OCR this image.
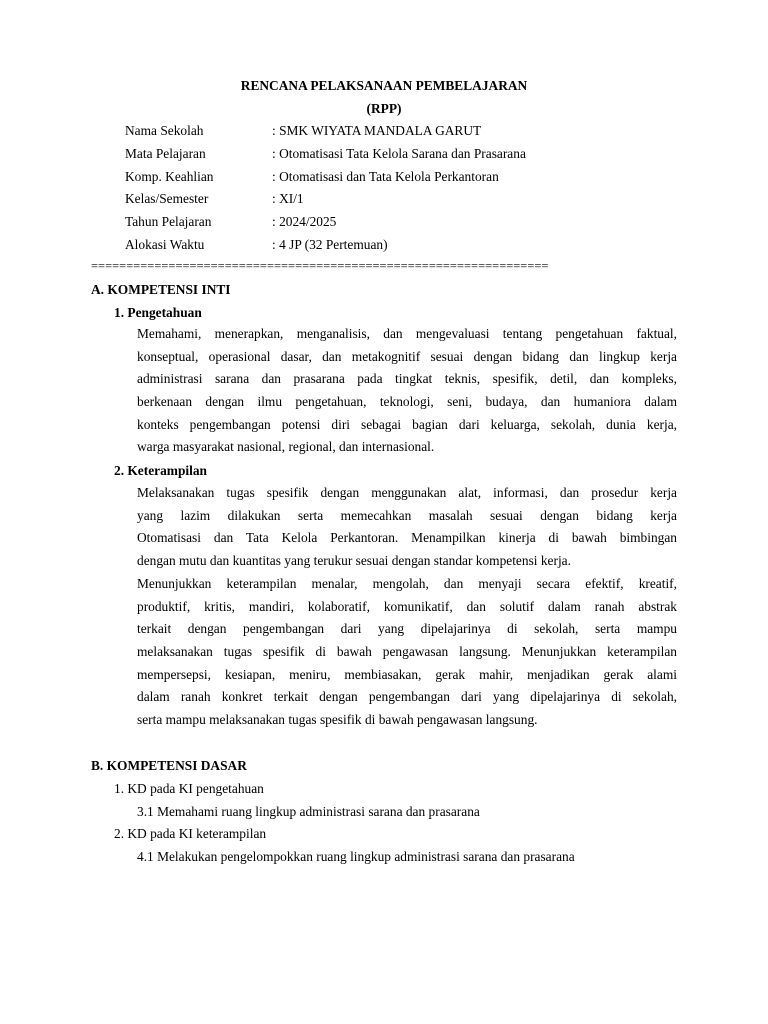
RENCANA PELAKSANAAN PEMBELAJARAN
(RPP)
Nama Sekolah	: SMK WIYATA MANDALA GARUT
Mata Pelajaran	: Otomatisasi Tata Kelola Sarana dan Prasarana
Komp. Keahlian	: Otomatisasi dan Tata Kelola Perkantoran
Kelas/Semester	: XI/1
Tahun Pelajaran	: 2024/2025
Alokasi Waktu	: 4 JP (32 Pertemuan)
=================================================================
A. KOMPETENSI INTI
1. Pengetahuan
Memahami, menerapkan, menganalisis, dan mengevaluasi tentang pengetahuan faktual,
konseptual, operasional dasar, dan metakognitif sesuai dengan bidang dan lingkup kerja
administrasi sarana dan prasarana pada tingkat teknis, spesifik, detil, dan kompleks,
berkenaan dengan ilmu pengetahuan, teknologi, seni, budaya, dan humaniora dalam
konteks pengembangan potensi diri sebagai bagian dari keluarga, sekolah, dunia kerja,
warga masyarakat nasional, regional, dan internasional.
2. Keterampilan
Melaksanakan tugas spesifik dengan menggunakan alat, informasi, dan prosedur kerja
yang lazim dilakukan serta memecahkan masalah sesuai dengan bidang kerja
Otomatisasi dan Tata Kelola Perkantoran. Menampilkan kinerja di bawah bimbingan
dengan mutu dan kuantitas yang terukur sesuai dengan standar kompetensi kerja.
Menunjukkan keterampilan menalar, mengolah, dan menyaji secara efektif, kreatif,
produktif, kritis, mandiri, kolaboratif, komunikatif, dan solutif dalam ranah abstrak
terkait dengan pengembangan dari yang dipelajarinya di sekolah, serta mampu
melaksanakan tugas spesifik di bawah pengawasan langsung. Menunjukkan keterampilan
mempersepsi, kesiapan, meniru, membiasakan, gerak mahir, menjadikan gerak alami
dalam ranah konkret terkait dengan pengembangan dari yang dipelajarinya di sekolah,
serta mampu melaksanakan tugas spesifik di bawah pengawasan langsung.
B. KOMPETENSI DASAR
1. KD pada KI pengetahuan
3.1 Memahami ruang lingkup administrasi sarana dan prasarana
2. KD pada KI keterampilan
4.1 Melakukan pengelompokkan ruang lingkup administrasi sarana dan prasarana
